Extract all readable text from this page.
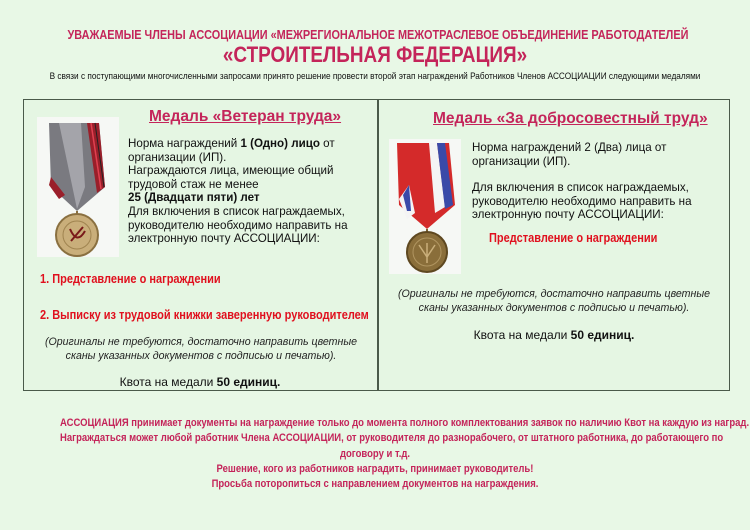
УВАЖАЕМЫЕ ЧЛЕНЫ АССОЦИАЦИИ «МЕЖРЕГИОНАЛЬНОЕ МЕЖОТРАСЛЕВОЕ ОБЪЕДИНЕНИЕ РАБОТОДАТЕЛЕЙ
«СТРОИТЕЛЬНАЯ ФЕДЕРАЦИЯ»
В связи с поступающими многочисленными запросами принято решение провести второй этап награждений Работников Членов АССОЦИАЦИИ следующими медалями
Медаль «Ветеран труда»
Норма награждений 1 (Одно) лицо от организации (ИП).
Награждаются лица, имеющие общий трудовой стаж не менее
25 (Двадцати пяти) лет
Для включения в список награждаемых, руководителю необходимо направить на электронную почту АССОЦИАЦИИ:
1. Представление о награждении
2. Выписку из трудовой книжки заверенную руководителем
(Оригиналы не требуются, достаточно направить цветные сканы указанных документов с подписью и печатью).
Квота на медали 50 единиц.
Медаль «За добросовестный труд»
Норма награждений 2 (Два) лица от организации (ИП).
Для включения в список награждаемых, руководителю необходимо направить на электронную почту АССОЦИАЦИИ:
Представление о награждении
(Оригиналы не требуются, достаточно направить цветные сканы указанных документов с подписью и печатью).
Квота на медали 50 единиц.
АССОЦИАЦИЯ принимает документы на награждение только до момента полного комплектования заявок по наличию Квот на каждую из наград.
Награждаться может любой работник Члена АССОЦИАЦИИ, от руководителя до разнорабочего, от штатного работника, до работающего по
договору и т.д.
Решение, кого из работников наградить, принимает руководитель!
Просьба поторопиться с направлением документов на награждения.
